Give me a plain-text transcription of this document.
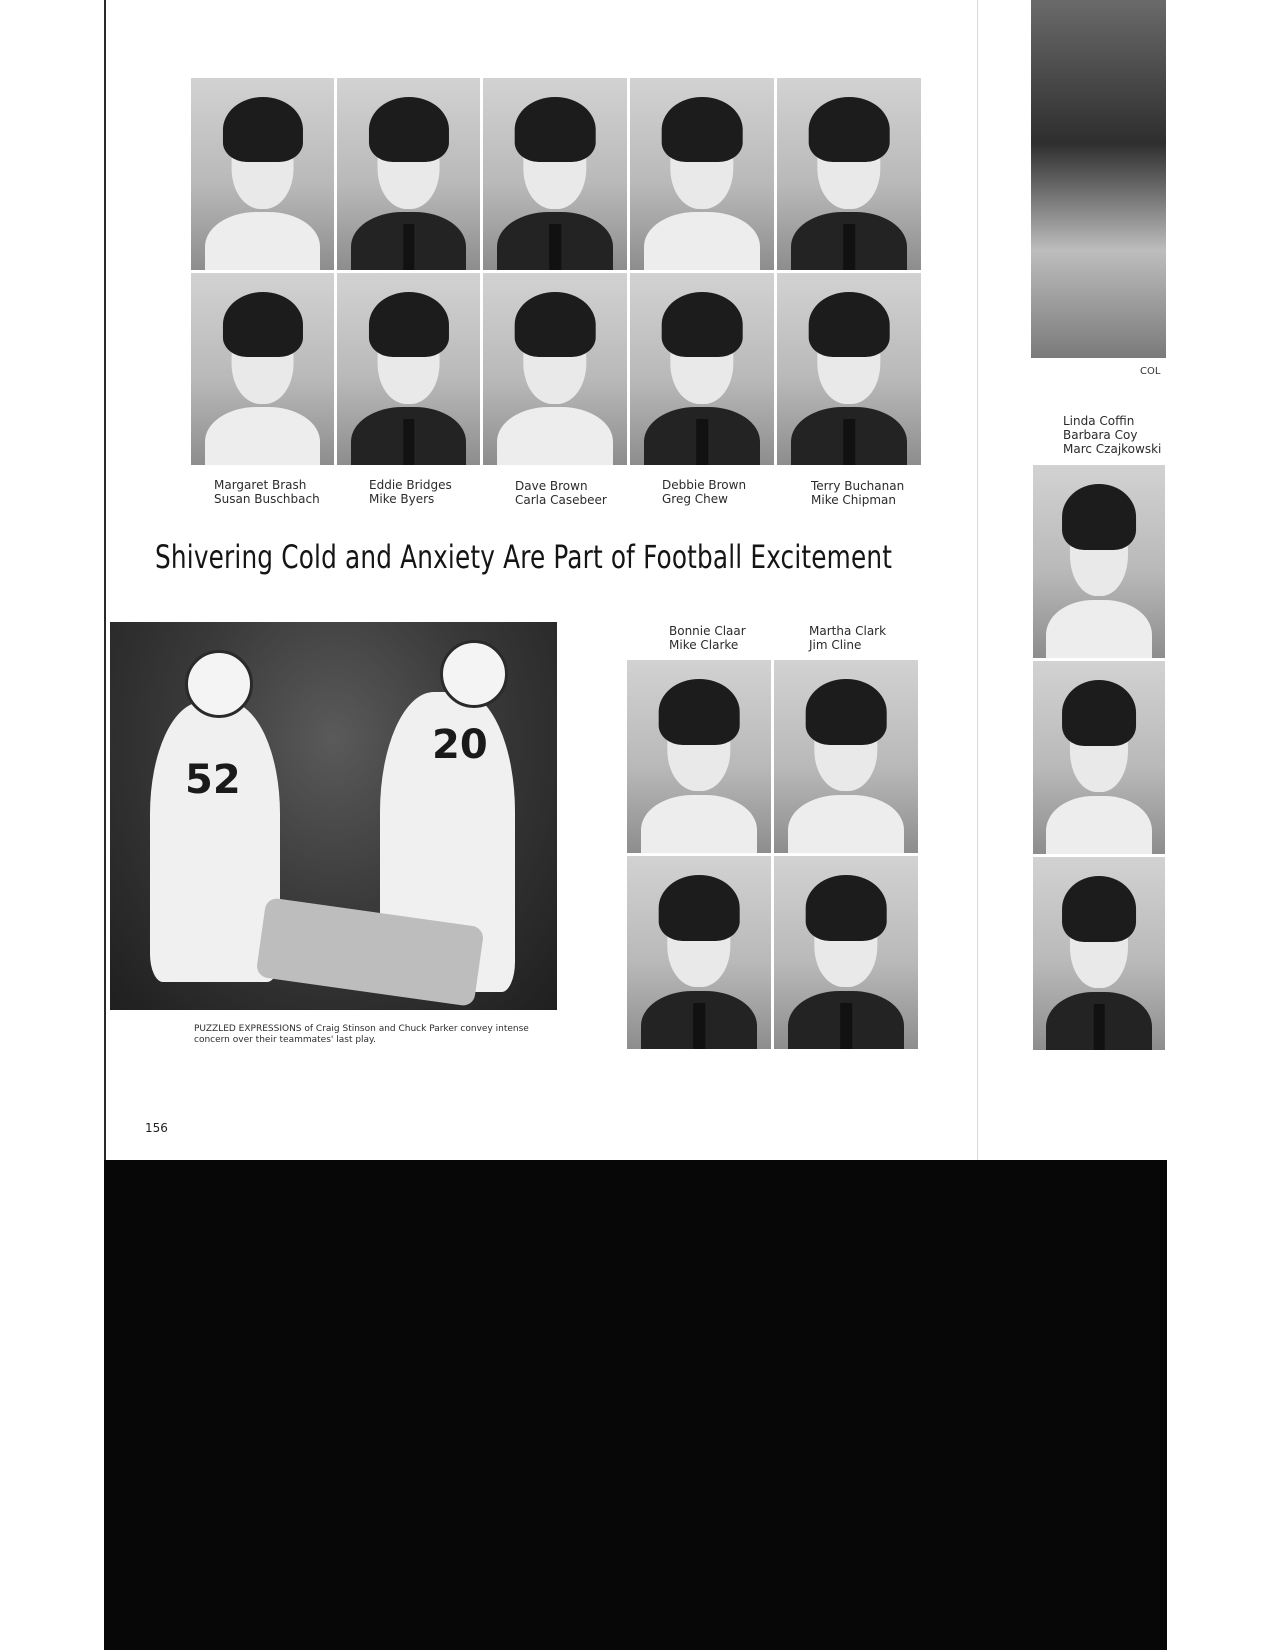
Margaret Brash
Susan Buschbach
Eddie Bridges
Mike Byers
Dave Brown
Carla Casebeer
Debbie Brown
Greg Chew
Terry Buchanan
Mike Chipman
Shivering Cold and Anxiety Are Part of Football Excitement
52
20
PUZZLED EXPRESSIONS of Craig Stinson and Chuck Parker convey intense concern over their teammates' last play.
Bonnie Claar
Mike Clarke
Martha Clark
Jim Cline
156
COL
Linda Coffin
Barbara Coy
Marc Czajkowski
